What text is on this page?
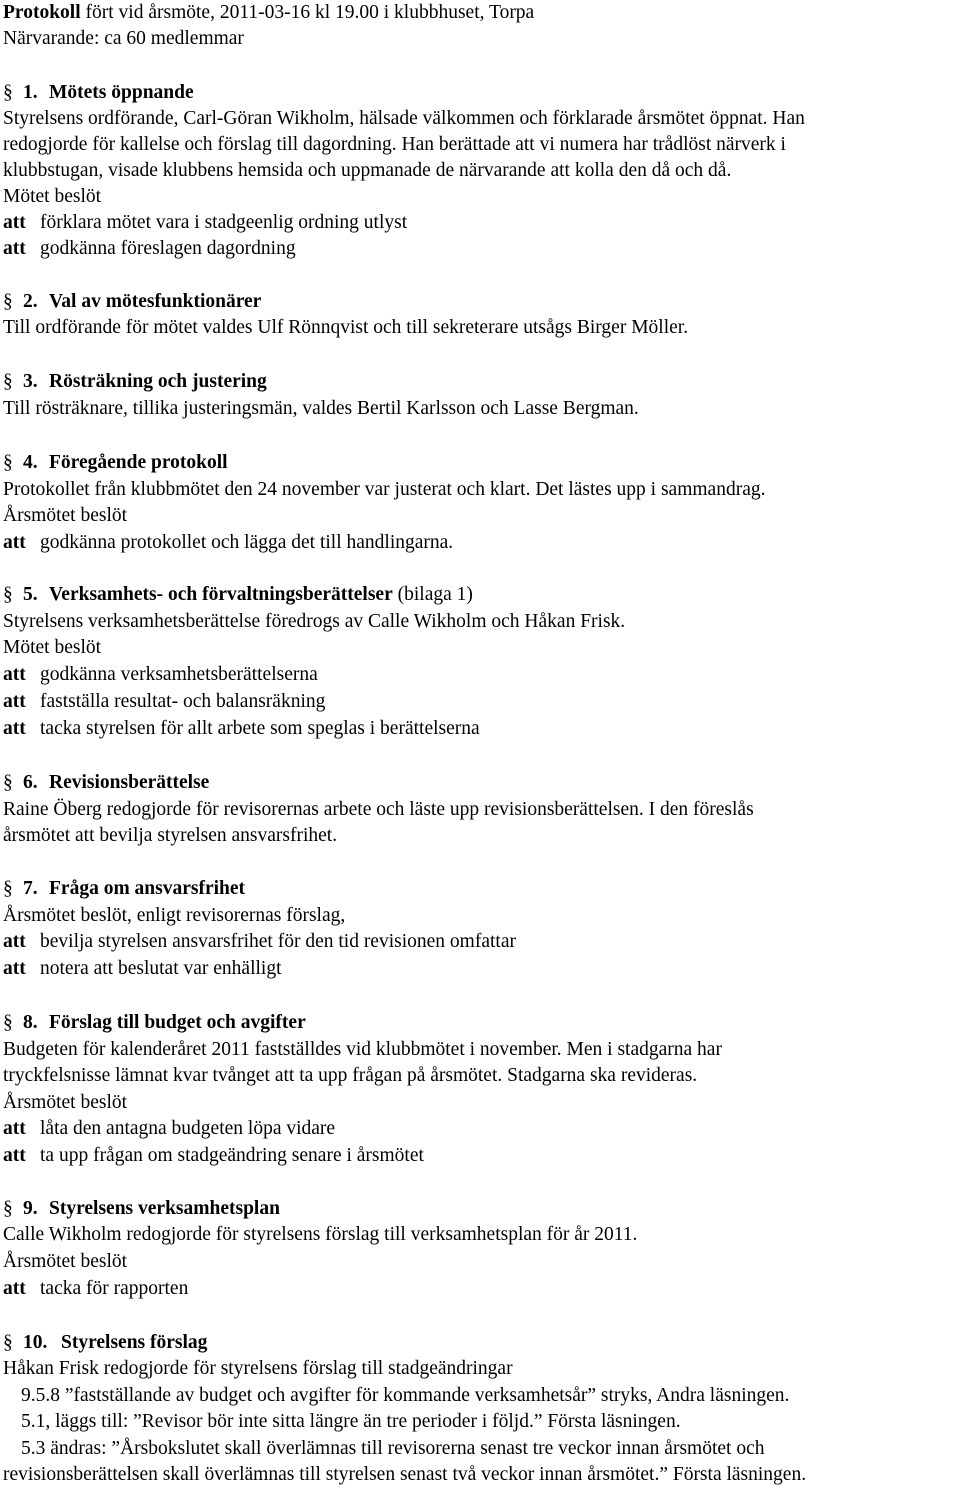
Protokoll fört vid årsmöte, 2011-03-16 kl 19.00 i klubbhuset, Torpa
Närvarande: ca 60 medlemmar
§ 1. Mötets öppnande
Styrelsens ordförande, Carl-Göran Wikholm, hälsade välkommen och förklarade årsmötet öppnat. Han
redogjorde för kallelse och förslag till dagordning. Han berättade att vi numera har trådlöst närverk i
klubbstugan, visade klubbens hemsida och uppmanade de närvarande att kolla den då och då.
Mötet beslöt
att förklara mötet vara i stadgeenlig ordning utlyst
att godkänna föreslagen dagordning
§ 2. Val av mötesfunktionärer
Till ordförande för mötet valdes Ulf Rönnqvist och till sekreterare utsågs Birger Möller.
§ 3. Rösträkning och justering
Till rösträknare, tillika justeringsmän, valdes Bertil Karlsson och Lasse Bergman.
§ 4. Föregående protokoll
Protokollet från klubbmötet den 24 november var justerat och klart. Det lästes upp i sammandrag.
Årsmötet beslöt
att godkänna protokollet och lägga det till handlingarna.
§ 5. Verksamhets- och förvaltningsberättelser (bilaga 1)
Styrelsens verksamhetsberättelse föredrogs av Calle Wikholm och Håkan Frisk.
Mötet beslöt
att godkänna verksamhetsberättelserna
att fastställa resultat- och balansräkning
att tacka styrelsen för allt arbete som speglas i berättelserna
§ 6. Revisionsberättelse
Raine Öberg redogjorde för revisorernas arbete och läste upp revisionsberättelsen. I den föreslås
årsmötet att bevilja styrelsen ansvarsfrihet.
§ 7. Fråga om ansvarsfrihet
Årsmötet beslöt, enligt revisorernas förslag,
att bevilja styrelsen ansvarsfrihet för den tid revisionen omfattar
att notera att beslutat var enhälligt
§ 8. Förslag till budget och avgifter
Budgeten för kalenderåret 2011 fastställdes vid klubbmötet i november. Men i stadgarna har
tryckfelsnisse lämnat kvar tvånget att ta upp frågan på årsmötet. Stadgarna ska revideras.
Årsmötet beslöt
att låta den antagna budgeten löpa vidare
att ta upp frågan om stadgeändring senare i årsmötet
§ 9. Styrelsens verksamhetsplan
Calle Wikholm redogjorde för styrelsens förslag till verksamhetsplan för år 2011.
Årsmötet beslöt
att tacka för rapporten
§ 10. Styrelsens förslag
Håkan Frisk redogjorde för styrelsens förslag till stadgeändringar
9.5.8 ”fastställande av budget och avgifter för kommande verksamhetsår” stryks, Andra läsningen.
5.1, läggs till: ”Revisor bör inte sitta längre än tre perioder i följd.” Första läsningen.
5.3 ändras: ”Årsbokslutet skall överlämnas till revisorerna senast tre veckor innan årsmötet och
revisionsberättelsen skall överlämnas till styrelsen senast två veckor innan årsmötet.” Första läsningen.
